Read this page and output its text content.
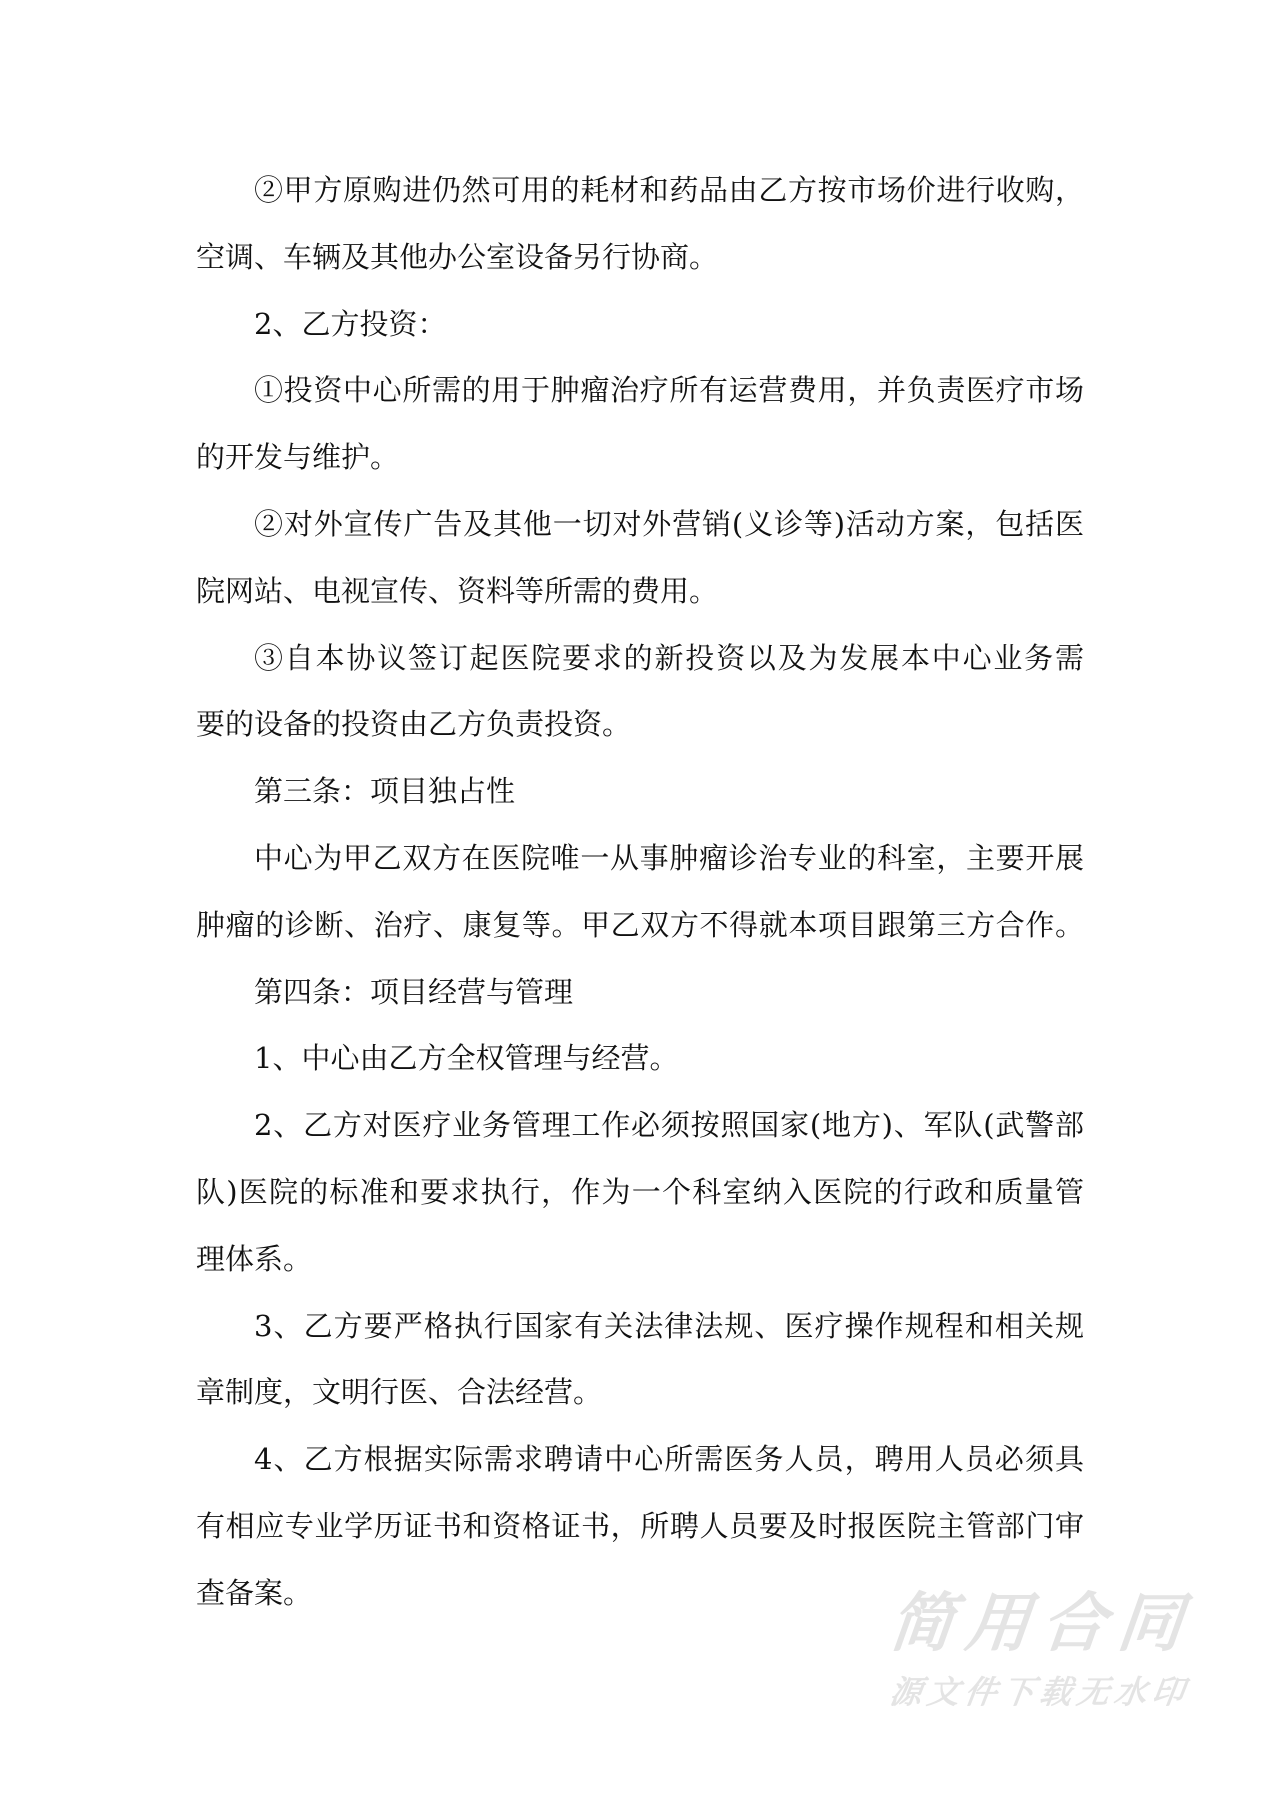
②甲方原购进仍然可用的耗材和药品由乙方按市场价进行收购，
空调、车辆及其他办公室设备另行协商。
2、乙方投资：
①投资中心所需的用于肿瘤治疗所有运营费用，并负责医疗市场
的开发与维护。
②对外宣传广告及其他一切对外营销(义诊等)活动方案，包括医
院网站、电视宣传、资料等所需的费用。
③自本协议签订起医院要求的新投资以及为发展本中心业务需
要的设备的投资由乙方负责投资。
第三条：项目独占性
中心为甲乙双方在医院唯一从事肿瘤诊治专业的科室，主要开展
肿瘤的诊断、治疗、康复等。甲乙双方不得就本项目跟第三方合作。
第四条：项目经营与管理
1、中心由乙方全权管理与经营。
2、乙方对医疗业务管理工作必须按照国家(地方)、军队(武警部
队)医院的标准和要求执行，作为一个科室纳入医院的行政和质量管
理体系。
3、乙方要严格执行国家有关法律法规、医疗操作规程和相关规
章制度，文明行医、合法经营。
4、乙方根据实际需求聘请中心所需医务人员，聘用人员必须具
有相应专业学历证书和资格证书，所聘人员要及时报医院主管部门审
查备案。	简用合同
源文件下载无水印
